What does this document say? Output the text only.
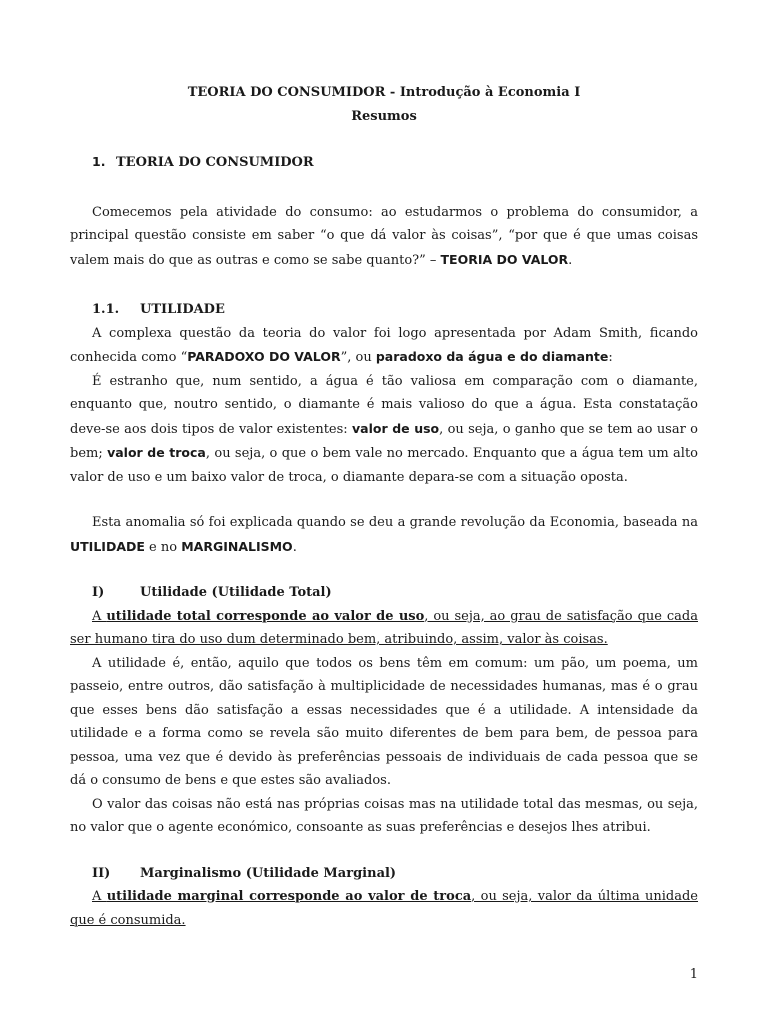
TEORIA DO CONSUMIDOR ‑ Introdução à Economia I

Resumos

1. TEORIA DO CONSUMIDOR

Comecemos pela atividade do consumo: ao estudarmos o problema do consumidor, a principal questão consiste em saber “o que dá valor às coisas”, “por que é que umas coisas valem mais do que as outras e como se sabe quanto?” – TEORIA DO VALOR.

1.1. UTILIDADE

A complexa questão da teoria do valor foi logo apresentada por Adam Smith, ficando conhecida como “PARADOXO DO VALOR”, ou paradoxo da água e do diamante:

É estranho que, num sentido, a água é tão valiosa em comparação com o diamante, enquanto que, noutro sentido, o diamante é mais valioso do que a água. Esta constatação deve-se aos dois tipos de valor existentes: valor de uso, ou seja, o ganho que se tem ao usar o bem; valor de troca, ou seja, o que o bem vale no mercado. Enquanto que a água tem um alto valor de uso e um baixo valor de troca, o diamante depara-se com a situação oposta.

Esta anomalia só foi explicada quando se deu a grande revolução da Economia, baseada na UTILIDADE e no MARGINALISMO.

I)	Utilidade (Utilidade Total)

A utilidade total corresponde ao valor de uso, ou seja, ao grau de satisfação que cada ser humano tira do uso dum determinado bem, atribuindo, assim, valor às coisas.

A utilidade é, então, aquilo que todos os bens têm em comum: um pão, um poema, um passeio, entre outros, dão satisfação à multiplicidade de necessidades humanas, mas é o grau que esses bens dão satisfação a essas necessidades que é a utilidade. A intensidade da utilidade e a forma como se revela são muito diferentes de bem para bem, de pessoa para pessoa, uma vez que é devido às preferências pessoais de individuais de cada pessoa que se dá o consumo de bens e que estes são avaliados.

O valor das coisas não está nas próprias coisas mas na utilidade total das mesmas, ou seja, no valor que o agente económico, consoante as suas preferências e desejos lhes atribui.

II) Marginalismo (Utilidade Marginal)

A utilidade marginal corresponde ao valor de troca, ou seja, valor da última unidade que é consumida.

1
